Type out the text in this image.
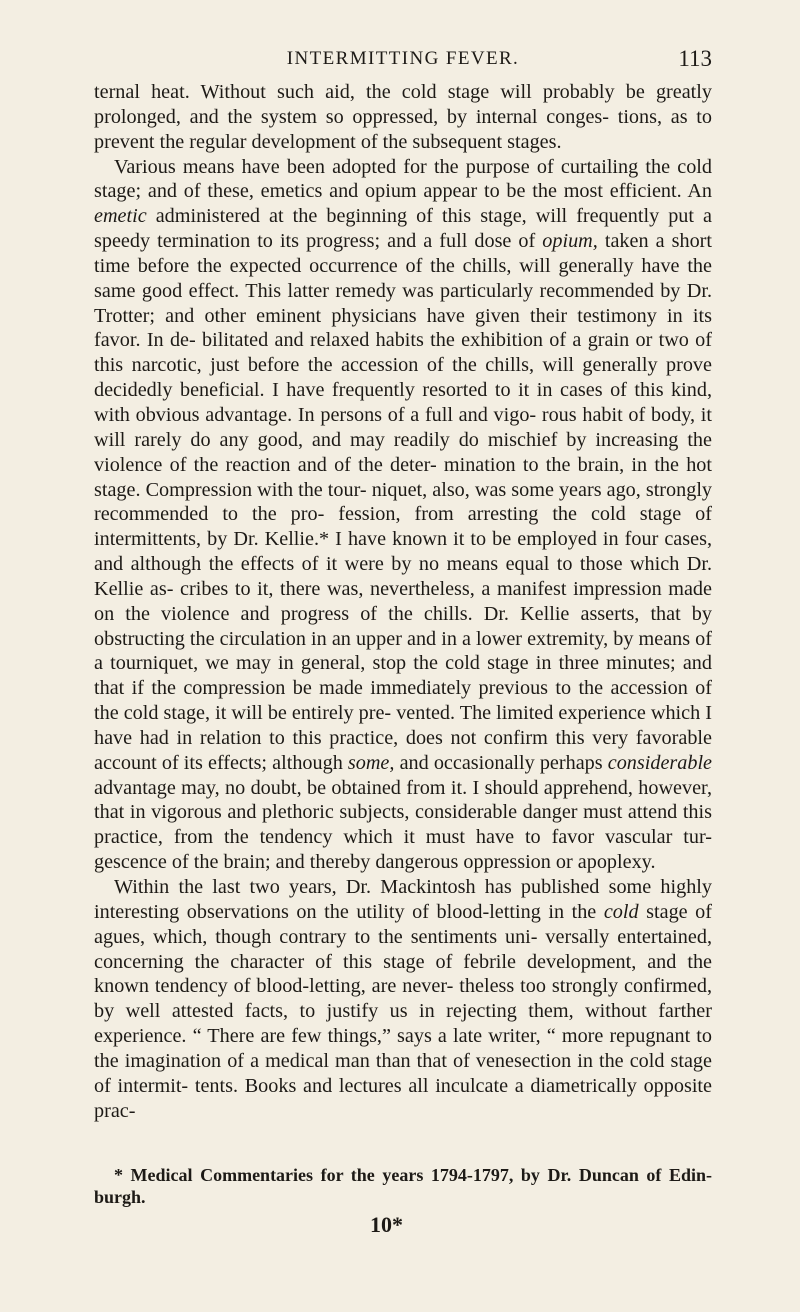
INTERMITTING FEVER.	113

ternal heat. Without such aid, the cold stage will probably be greatly prolonged, and the system so oppressed, by internal conges- tions, as to prevent the regular development of the subsequent stages.

Various means have been adopted for the purpose of curtailing the cold stage; and of these, emetics and opium appear to be the most efficient. An emetic administered at the beginning of this stage, will frequently put a speedy termination to its progress; and a full dose of opium, taken a short time before the expected occurrence of the chills, will generally have the same good effect. This latter remedy was particularly recommended by Dr. Trotter; and other eminent physicians have given their testimony in its favor. In de- bilitated and relaxed habits the exhibition of a grain or two of this narcotic, just before the accession of the chills, will generally prove decidedly beneficial. I have frequently resorted to it in cases of this kind, with obvious advantage. In persons of a full and vigo- rous habit of body, it will rarely do any good, and may readily do mischief by increasing the violence of the reaction and of the deter- mination to the brain, in the hot stage. Compression with the tour- niquet, also, was some years ago, strongly recommended to the pro- fession, from arresting the cold stage of intermittents, by Dr. Kellie.* I have known it to be employed in four cases, and although the effects of it were by no means equal to those which Dr. Kellie as- cribes to it, there was, nevertheless, a manifest impression made on the violence and progress of the chills. Dr. Kellie asserts, that by obstructing the circulation in an upper and in a lower extremity, by means of a tourniquet, we may in general, stop the cold stage in three minutes; and that if the compression be made immediately previous to the accession of the cold stage, it will be entirely pre- vented. The limited experience which I have had in relation to this practice, does not confirm this very favorable account of its effects; although some, and occasionally perhaps considerable advantage may, no doubt, be obtained from it. I should apprehend, however, that in vigorous and plethoric subjects, considerable danger must attend this practice, from the tendency which it must have to favor vascular tur- gescence of the brain; and thereby dangerous oppression or apoplexy.

Within the last two years, Dr. Mackintosh has published some highly interesting observations on the utility of blood-letting in the cold stage of agues, which, though contrary to the sentiments uni- versally entertained, concerning the character of this stage of febrile development, and the known tendency of blood-letting, are never- theless too strongly confirmed, by well attested facts, to justify us in rejecting them, without farther experience. “ There are few things,” says a late writer, “ more repugnant to the imagination of a medical man than that of venesection in the cold stage of intermit- tents. Books and lectures all inculcate a diametrically opposite prac-

* Medical Commentaries for the years 1794-1797, by Dr. Duncan of Edin- burgh.

10*
